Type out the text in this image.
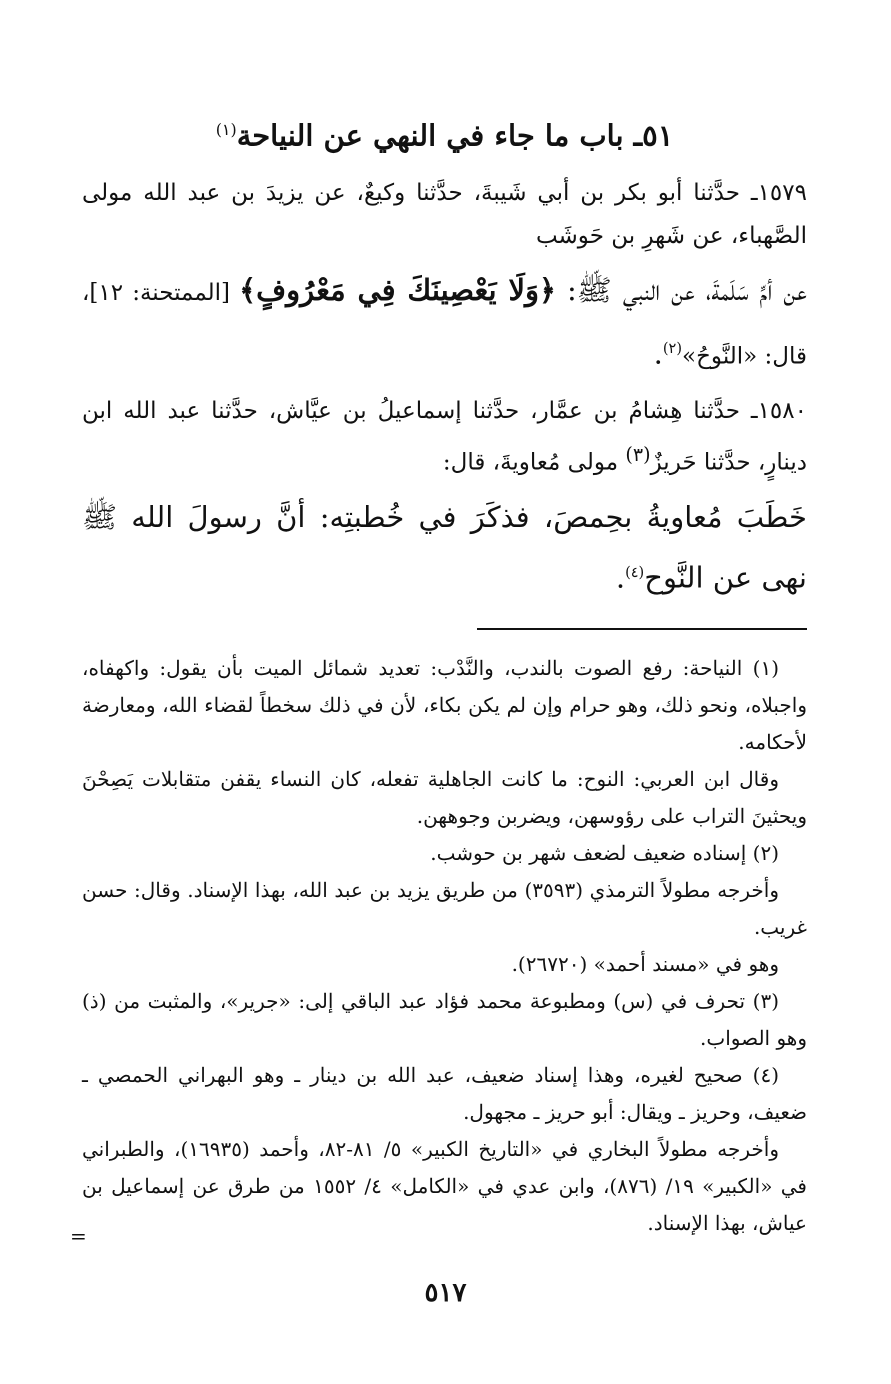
٥١ـ باب ما جاء في النهي عن النياحة$^{(١)}$

١٥٧٩ـ حدَّثنا أبو بكر بن أبي شَيبةَ، حدَّثنا وكيعٌ، عن يزيدَ بن عبد الله مولى الصَّهباء، عن شَهرِ بن حَوشَب

عن أمِّ سَلَمةَ، عن النبي ﷺ: ﴿وَلَا يَعْصِينَكَ فِي مَعْرُوفٍ﴾ [الممتحنة: ١٢]، قال: «النَّوحُ»$^{(٢)}$.

١٥٨٠ـ حدَّثنا هِشامُ بن عمَّار، حدَّثنا إسماعيلُ بن عيَّاش، حدَّثنا عبد الله ابن دينارٍ، حدَّثنا حَريزٌ$^{(٣)}$ مولى مُعاويةَ، قال:

خَطَبَ مُعاويةُ بحِمصَ، فذكَرَ في خُطبتِه: أنَّ رسولَ الله ﷺ نهى عن النَّوح$^{(٤)}$.

(١) النياحة: رفع الصوت بالندب، والنَّدْب: تعديد شمائل الميت بأن يقول: واكهفاه، واجبلاه، ونحو ذلك، وهو حرام وإن لم يكن بكاء، لأن في ذلك سخطاً لقضاء الله، ومعارضة لأحكامه.

وقال ابن العربي: النوح: ما كانت الجاهلية تفعله، كان النساء يقفن متقابلات يَصِحْنَ ويحثينَ التراب على رؤوسهن، ويضربن وجوههن.

(٢) إسناده ضعيف لضعف شهر بن حوشب.

وأخرجه مطولاً الترمذي (٣٥٩٣) من طريق يزيد بن عبد الله، بهذا الإسناد. وقال: حسن غريب.

وهو في «مسند أحمد» (٢٦٧٢٠).

(٣) تحرف في (س) ومطبوعة محمد فؤاد عبد الباقي إلى: «جرير»، والمثبت من (ذ) وهو الصواب.

(٤) صحيح لغيره، وهذا إسناد ضعيف، عبد الله بن دينار ـ وهو البهراني الحمصي ـ ضعيف، وحريز ـ ويقال: أبو حريز ـ مجهول.

وأخرجه مطولاً البخاري في «التاريخ الكبير» ٥/ ٨١-٨٢، وأحمد (١٦٩٣٥)، والطبراني في «الكبير» ١٩/ (٨٧٦)، وابن عدي في «الكامل» ٤/ ١٥٥٢ من طرق عن إسماعيل بن عياش، بهذا الإسناد.

=
٥١٧
